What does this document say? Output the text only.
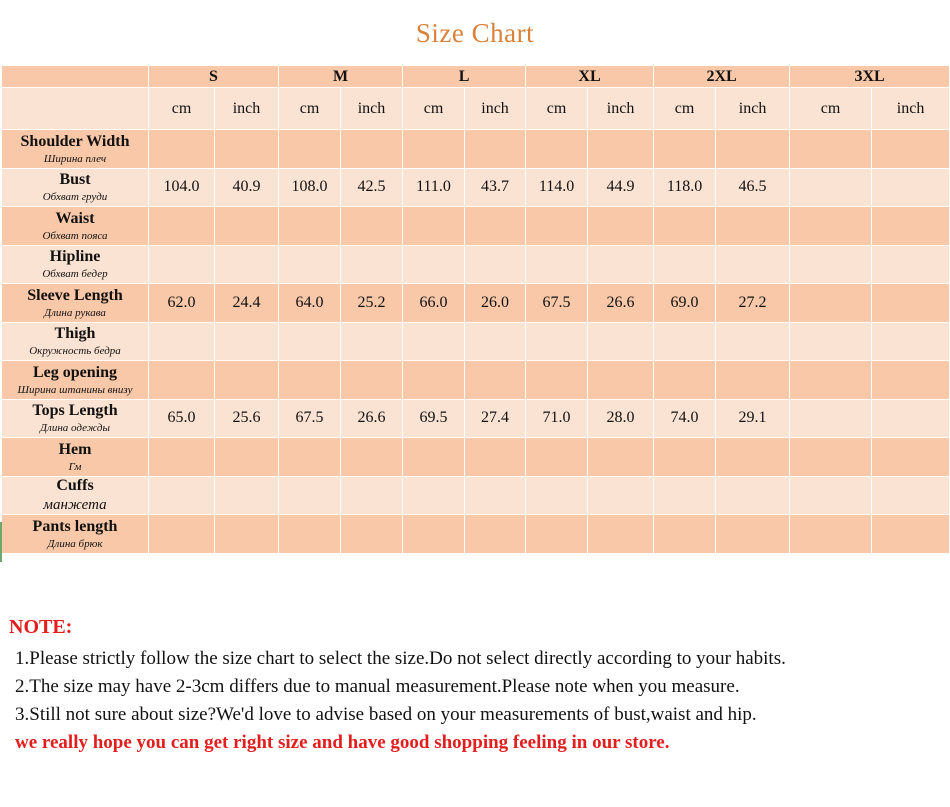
Size Chart
	S		M		L		XL		2XL		3XL	
	cm	inch	cm	inch	cm	inch	cm	inch	cm	inch	cm	inch

Shoulder Width
Ширина плеч												

Bust
Обхват груди	104.0	40.9	108.0	42.5	111.0	43.7	114.0	44.9	118.0	46.5		

Waist
Обхват пояса												

Hipline
Обхват бедер												

Sleeve Length
Длина рукава	62.0	24.4	64.0	25.2	66.0	26.0	67.5	26.6	69.0	27.2		

Thigh
Окружность бедра												

Leg opening
Ширина штанины внизу												

Tops Length
Длина одежды	65.0	25.6	67.5	26.6	69.5	27.4	71.0	28.0	74.0	29.1		

Hem
Гм												

Cuffs
манжета												

Pants length
Длина брюк												

NOTE:
1.Please strictly follow the size chart to select the size.Do not select directly according to your habits.
2.The size may have 2-3cm differs due to manual measurement.Please note when you measure.
3.Still not sure about size?We'd love to advise based on your measurements of bust,waist and hip.
we really hope you can get right size and have good shopping feeling in our store.
